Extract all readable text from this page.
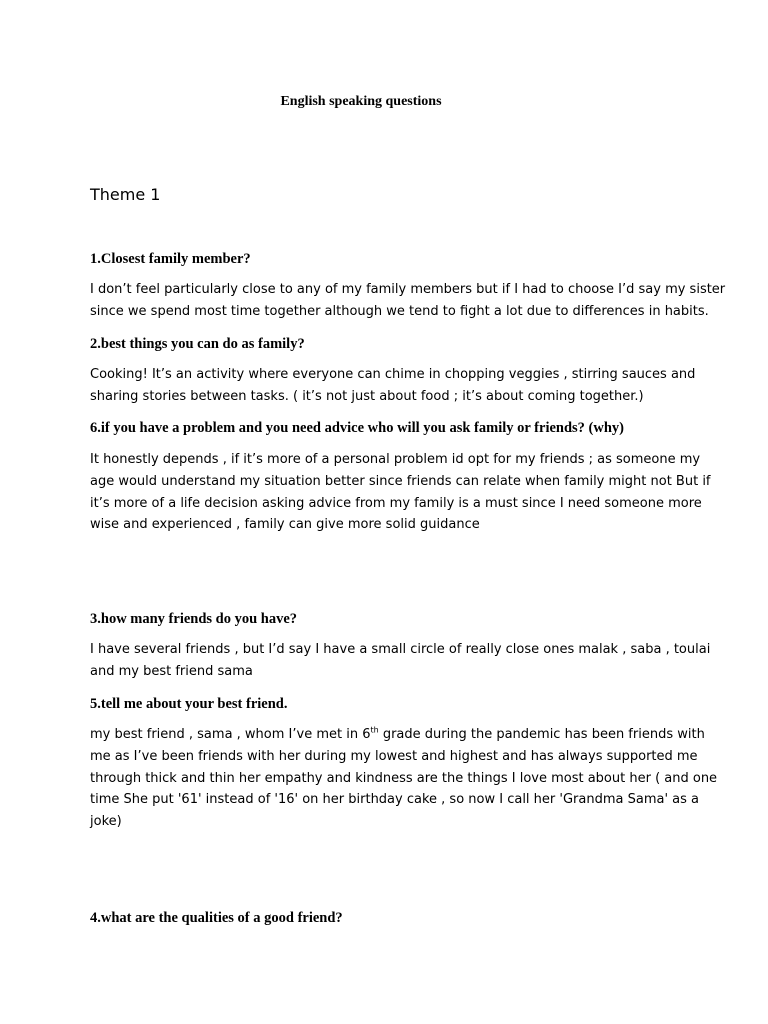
English speaking questions
Theme 1
1.Closest family member?
I don’t feel particularly close to any of my family members but if I had to choose I’d say my sister
since we spend most time together although we tend to fight a lot due to differences in habits.
2.best things you can do as family?
Cooking! It’s an activity where everyone can chime in chopping veggies , stirring sauces and
sharing stories between tasks. ( it’s not just about food ; it’s about coming together.)
6.if you have a problem and you need advice who will you ask family or friends? (why)
It honestly depends , if it’s more of a personal problem id opt for my friends ; as someone my
age would understand my situation better since friends can relate when family might not But if
it’s more of a life decision asking advice from my family is a must since I need someone more
wise and experienced , family can give more solid guidance
3.how many friends do you have?
I have several friends , but I’d say I have a small circle of really close ones malak , saba , toulai
and my best friend sama
5.tell me about your best friend.
my best friend , sama , whom I’ve met in 6th grade during the pandemic has been friends with
me as I’ve been friends with her during my lowest and highest and has always supported me
through thick and thin her empathy and kindness are the things I love most about her ( and one
time She put '61' instead of '16' on her birthday cake , so now I call her 'Grandma Sama' as a
joke)
4.what are the qualities of a good friend?
